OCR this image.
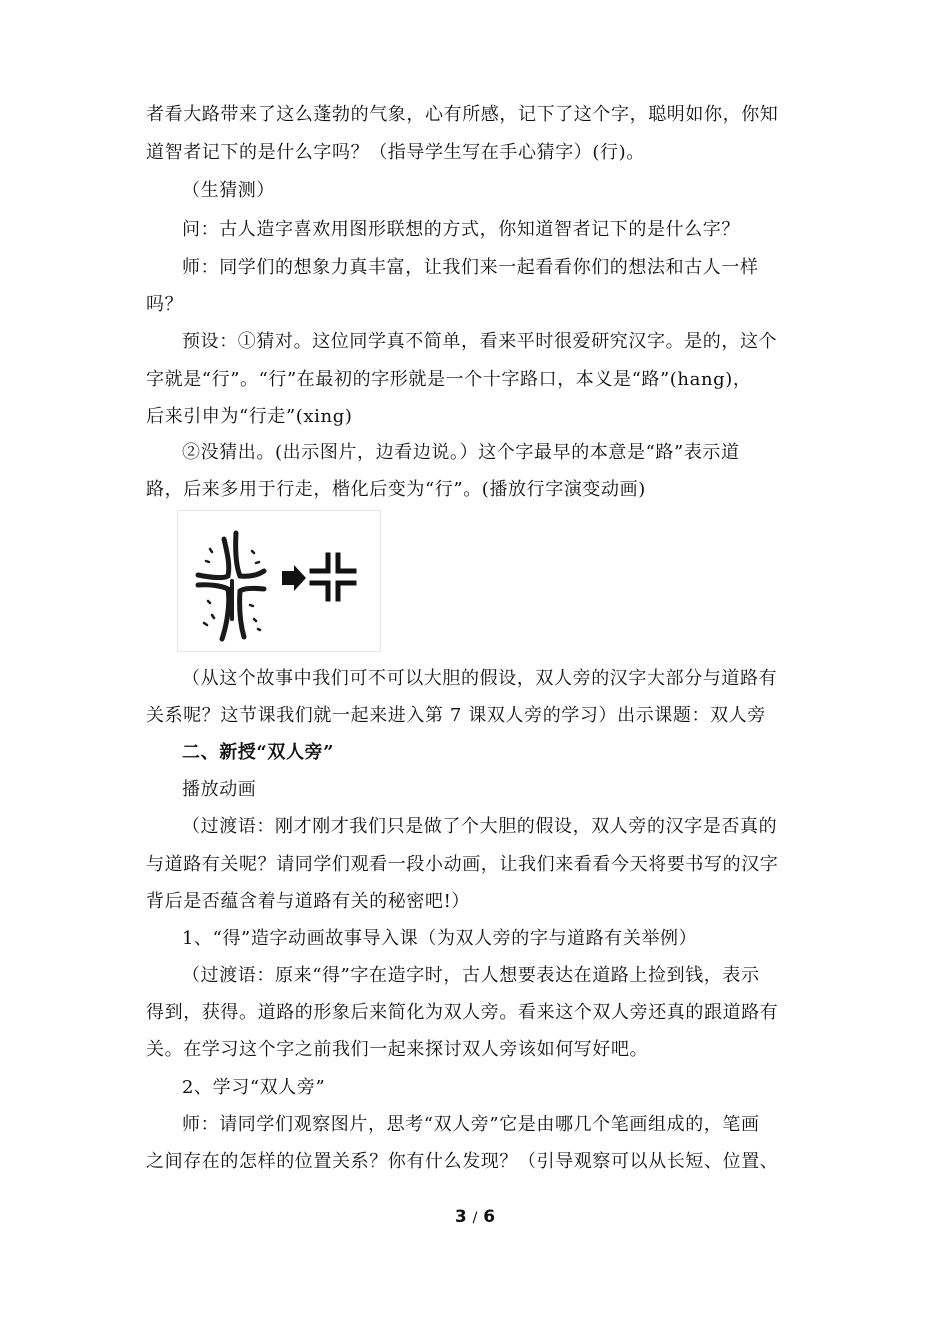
者看大路带来了这么蓬勃的气象，心有所感，记下了这个字，聪明如你，你知
道智者记下的是什么字吗？（指导学生写在手心猜字）(行)。
（生猜测）
问：古人造字喜欢用图形联想的方式，你知道智者记下的是什么字？
师：同学们的想象力真丰富，让我们来一起看看你们的想法和古人一样
吗？
预设：①猜对。这位同学真不简单，看来平时很爱研究汉字。是的，这个
字就是“行”。“行”在最初的字形就是一个十字路口，本义是“路”(hang)，
后来引申为“行走”(xing)
②没猜出。(出示图片，边看边说。）这个字最早的本意是“路”表示道
路，后来多用于行走，楷化后变为“行”。(播放行字演变动画)
（从这个故事中我们可不可以大胆的假设，双人旁的汉字大部分与道路有
关系呢？这节课我们就一起来进入第 7 课双人旁的学习）出示课题：双人旁
二、新授“双人旁”
播放动画
（过渡语：刚才刚才我们只是做了个大胆的假设，双人旁的汉字是否真的
与道路有关呢？请同学们观看一段小动画，让我们来看看今天将要书写的汉字
背后是否蕴含着与道路有关的秘密吧!）
1、“得”造字动画故事导入课（为双人旁的字与道路有关举例）
（过渡语：原来“得”字在造字时，古人想要表达在道路上捡到钱，表示
得到，获得。道路的形象后来简化为双人旁。看来这个双人旁还真的跟道路有
关。在学习这个字之前我们一起来探讨双人旁该如何写好吧。
2、学习“双人旁”
师：请同学们观察图片，思考“双人旁”它是由哪几个笔画组成的，笔画
之间存在的怎样的位置关系？你有什么发现？（引导观察可以从长短、位置、
3 / 6
